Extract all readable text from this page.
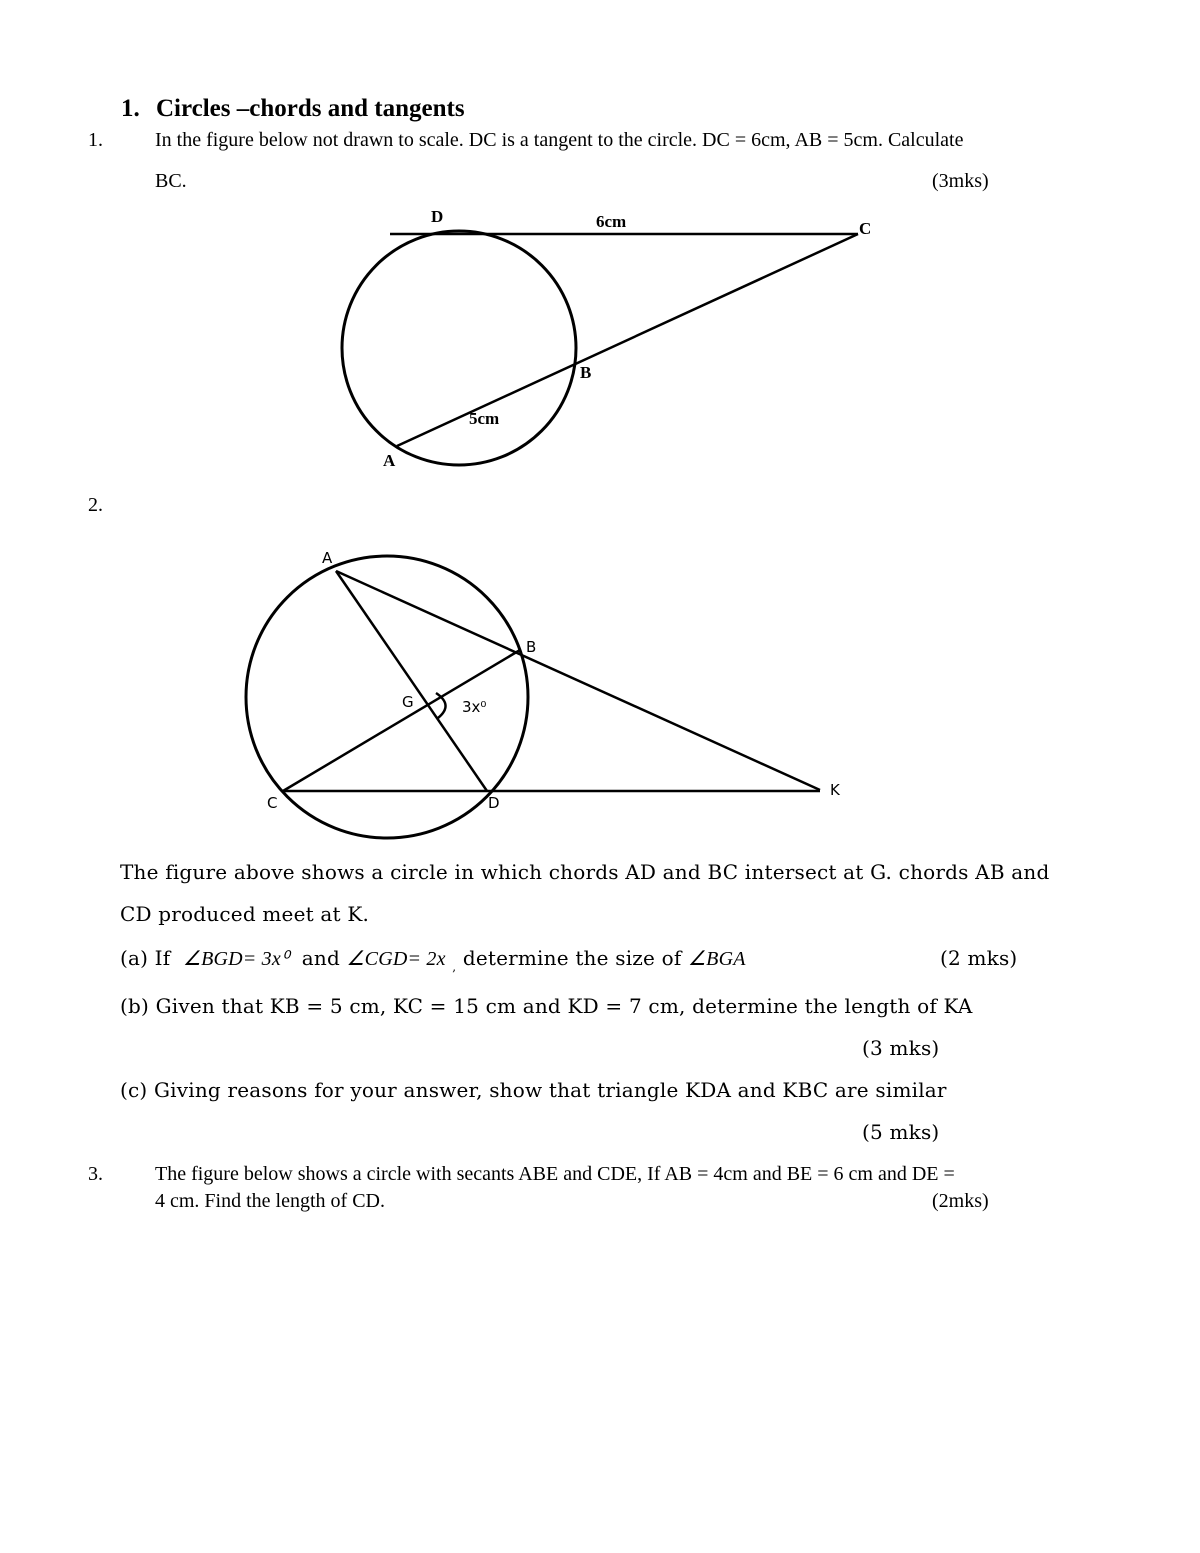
1. Circles –chords and tangents
1.	In the figure below not drawn to scale. DC is a tangent to the circle. DC = 6cm, AB = 5cm. Calculate
BC.	(3mks)
D	6cm	C
B
5cm
A
2.
A
B
G	3x⁰
C	D
K
The figure above shows a circle in which chords AD and BC intersect at G. chords AB and
CD produced meet at K.
(a) If ∠BGD= 3x⁰ and ∠CGD= 2x $_,$ determine the size of ∠BGA	(2 mks)
(b) Given that KB = 5 cm, KC = 15 cm and KD = 7 cm, determine the length of KA
(3 mks)
(c) Giving reasons for your answer, show that triangle KDA and KBC are similar
(5 mks)
3.	The figure below shows a circle with secants ABE and CDE, If AB = 4cm and BE = 6 cm and DE =
4 cm. Find the length of CD.	(2mks)
